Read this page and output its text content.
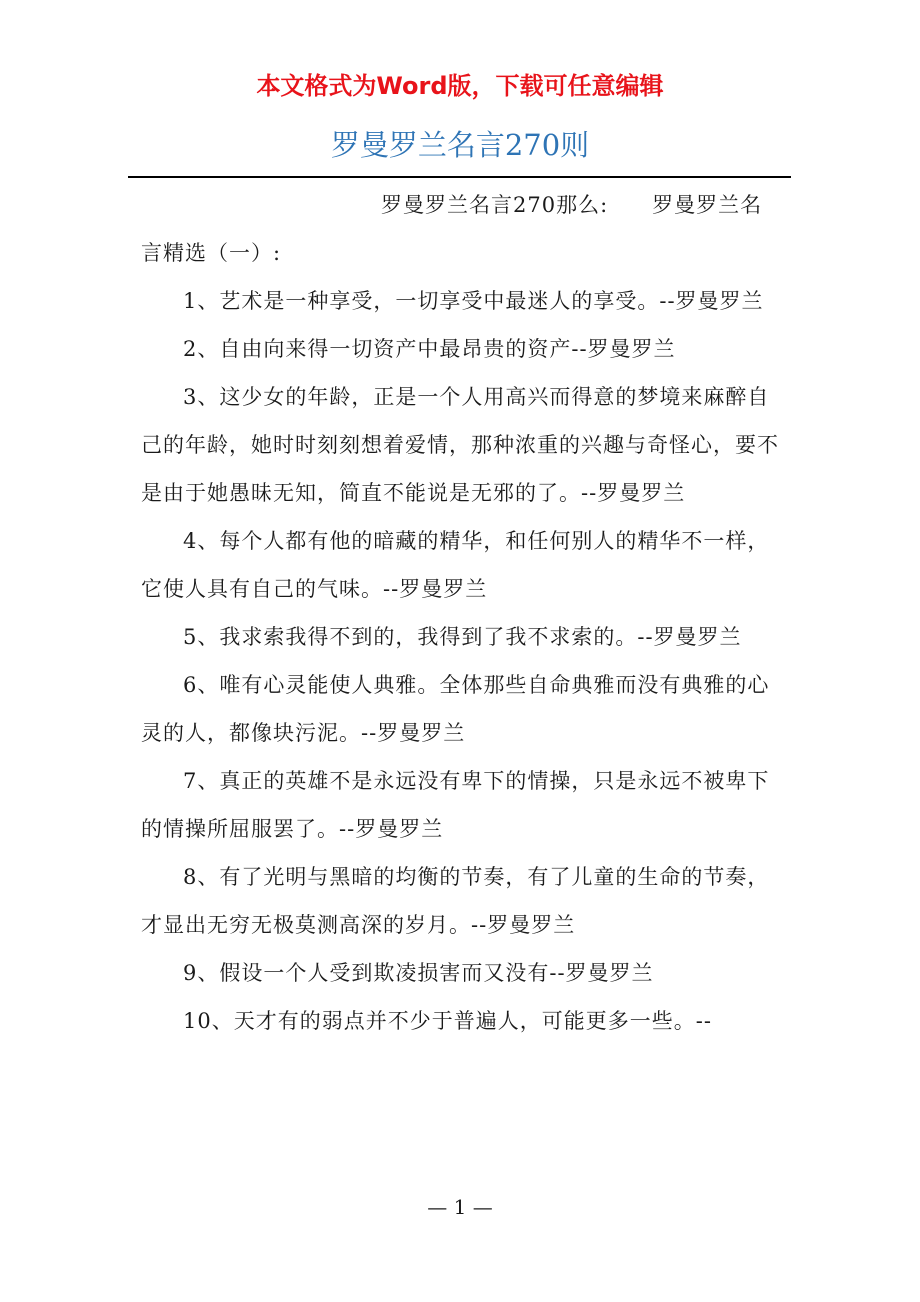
本文格式为Word版，下载可任意编辑
罗曼罗兰名言270则

罗曼罗兰名言270那么:　　罗曼罗兰名言精选（一）:

1、艺术是一种享受，一切享受中最迷人的享受。--罗曼罗兰

2、自由向来得一切资产中最昂贵的资产--罗曼罗兰

3、这少女的年龄，正是一个人用高兴而得意的梦境来麻醉自己的年龄，她时时刻刻想着爱情，那种浓重的兴趣与奇怪心，要不是由于她愚昧无知，简直不能说是无邪的了。--罗曼罗兰

4、每个人都有他的暗藏的精华，和任何别人的精华不一样，它使人具有自己的气味。--罗曼罗兰

5、我求索我得不到的，我得到了我不求索的。--罗曼罗兰

6、唯有心灵能使人典雅。全体那些自命典雅而没有典雅的心灵的人，都像块污泥。--罗曼罗兰

7、真正的英雄不是永远没有卑下的情操，只是永远不被卑下的情操所屈服罢了。--罗曼罗兰

8、有了光明与黑暗的均衡的节奏，有了儿童的生命的节奏，才显出无穷无极莫测高深的岁月。--罗曼罗兰

9、假设一个人受到欺凌损害而又没有--罗曼罗兰

10、天才有的弱点并不少于普遍人，可能更多一些。--

— 1 —
